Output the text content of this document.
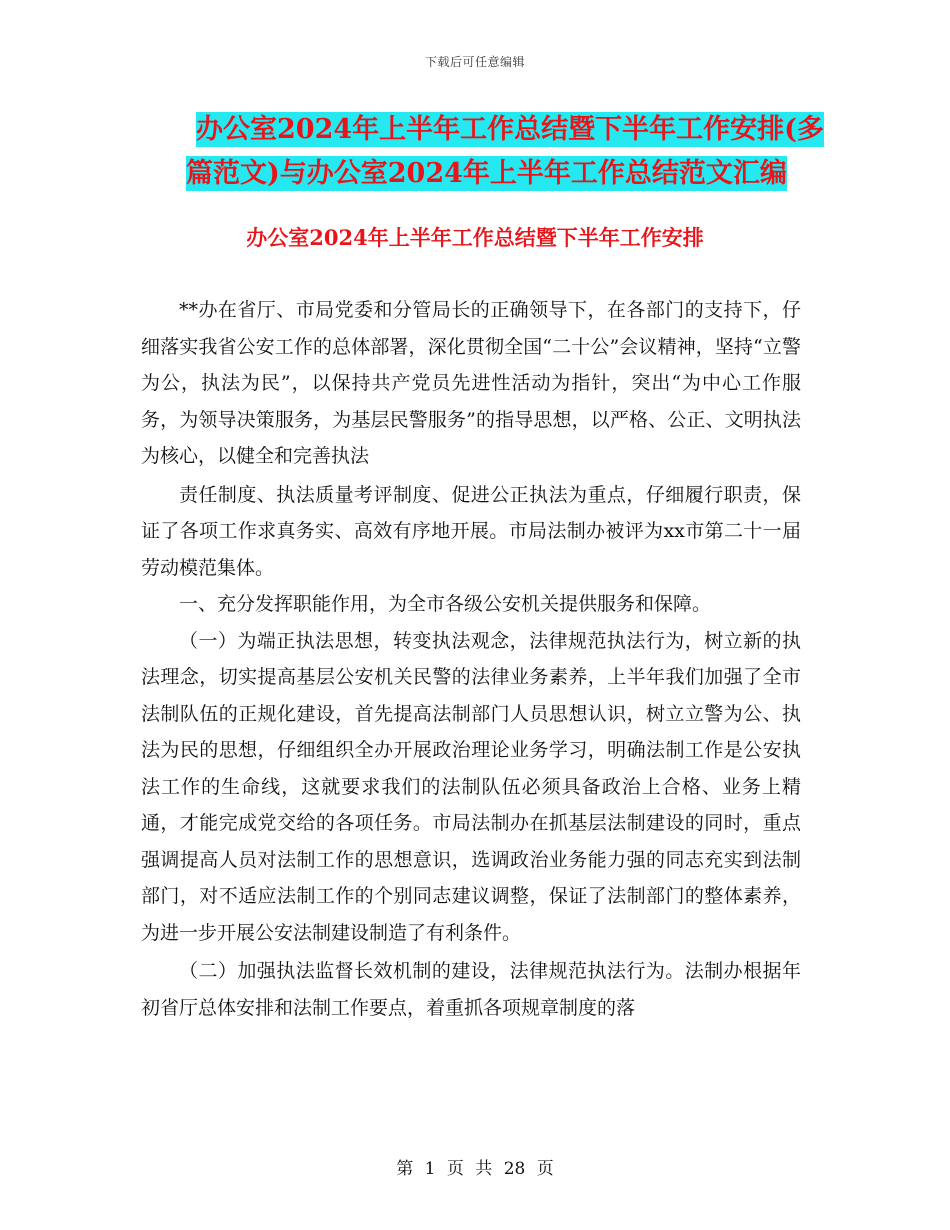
下载后可任意编辑
办公室2024年上半年工作总结暨下半年工作安排(多
篇范文)与办公室2024年上半年工作总结范文汇编
办公室2024年上半年工作总结暨下半年工作安排

**办在省厅、市局党委和分管局长的正确领导下，在各部门的支持下，仔细落实我省公安工作的总体部署，深化贯彻全国“二十公”会议精神，坚持“立警为公，执法为民”，以保持共产党员先进性活动为指针，突出“为中心工作服务，为领导决策服务，为基层民警服务”的指导思想，以严格、公正、文明执法为核心，以健全和完善执法

责任制度、执法质量考评制度、促进公正执法为重点，仔细履行职责，保证了各项工作求真务实、高效有序地开展。市局法制办被评为xx市第二十一届劳动模范集体。

一、充分发挥职能作用，为全市各级公安机关提供服务和保障。

（一）为端正执法思想，转变执法观念，法律规范执法行为，树立新的执法理念，切实提高基层公安机关民警的法律业务素养，上半年我们加强了全市法制队伍的正规化建设，首先提高法制部门人员思想认识，树立立警为公、执法为民的思想，仔细组织全办开展政治理论业务学习，明确法制工作是公安执法工作的生命线，这就要求我们的法制队伍必须具备政治上合格、业务上精通，才能完成党交给的各项任务。市局法制办在抓基层法制建设的同时，重点强调提高人员对法制工作的思想意识，选调政治业务能力强的同志充实到法制部门，对不适应法制工作的个别同志建议调整，保证了法制部门的整体素养，为进一步开展公安法制建设制造了有利条件。

（二）加强执法监督长效机制的建设，法律规范执法行为。法制办根据年初省厅总体安排和法制工作要点，着重抓各项规章制度的落

第 1 页 共 28 页
